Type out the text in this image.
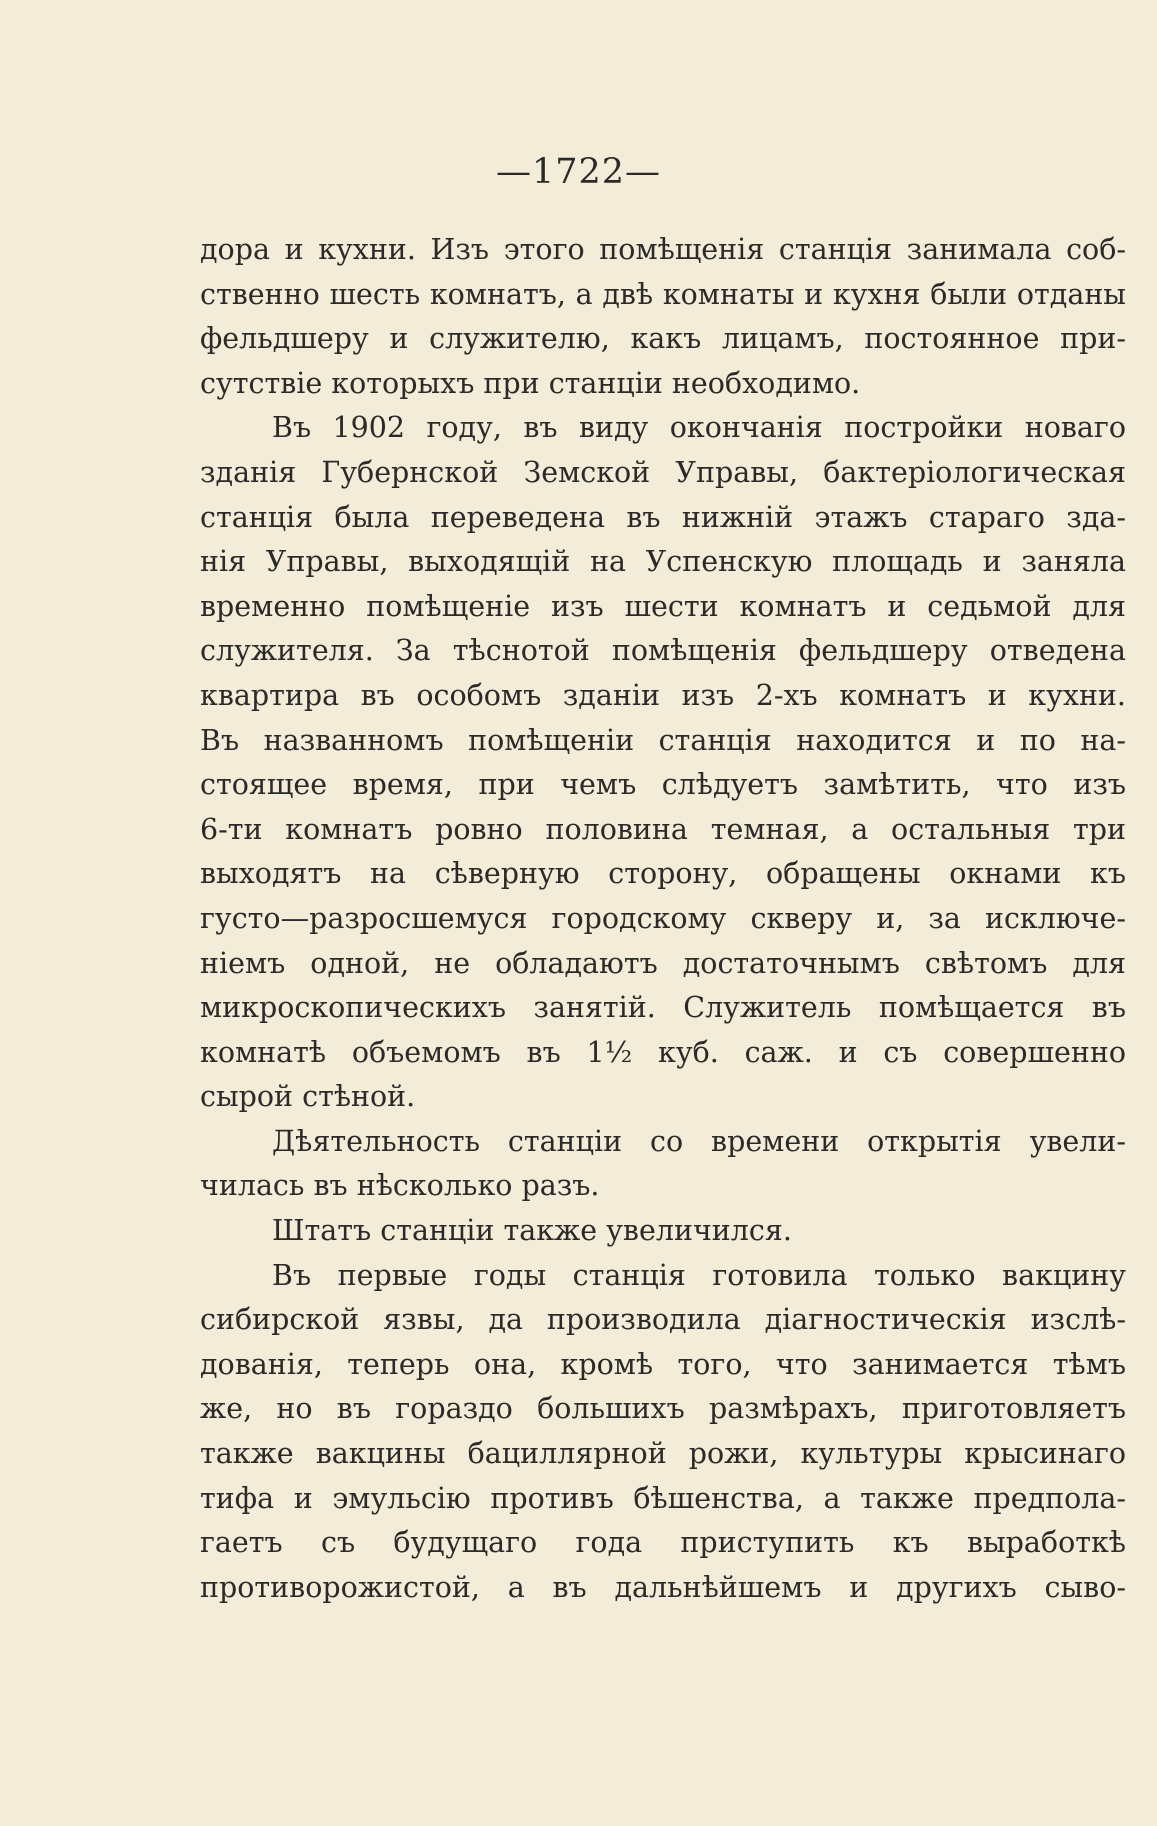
—1722—
дора и кухни. Изъ этого помѣщенія станція занимала соб-
ственно шесть комнатъ, а двѣ комнаты и кухня были отданы
фельдшеру и служителю, какъ лицамъ, постоянное при-
сутствіе которыхъ при станціи необходимо.
Въ 1902 году, въ виду окончанія постройки новаго
зданія Губернской Земской Управы, бактеріологическая
станція была переведена въ нижній этажъ стараго зда-
нія Управы, выходящій на Успенскую площадь и заняла
временно помѣщеніе изъ шести комнатъ и седьмой для
служителя. За тѣснотой помѣщенія фельдшеру отведена
квартира въ особомъ зданіи изъ 2-хъ комнатъ и кухни.
Въ названномъ помѣщеніи станція находится и по на-
стоящее время, при чемъ слѣдуетъ замѣтить, что изъ
6-ти комнатъ ровно половина темная, а остальныя три
выходятъ на сѣверную сторону, обращены окнами къ
густо—разросшемуся городскому скверу и, за исключе-
ніемъ одной, не обладаютъ достаточнымъ свѣтомъ для
микроскопическихъ занятій. Служитель помѣщается въ
комнатѣ объемомъ въ 1½ куб. саж. и съ совершенно
сырой стѣной.
Дѣятельность станціи со времени открытія увели-
чилась въ нѣсколько разъ.
Штатъ станціи также увеличился.
Въ первые годы станція готовила только вакцину
сибирской язвы, да производила діагностическія изслѣ-
дованія, теперь она, кромѣ того, что занимается тѣмъ
же, но въ гораздо большихъ размѣрахъ, приготовляетъ
также вакцины бациллярной рожи, культуры крысинаго
тифа и эмульсію противъ бѣшенства, а также предпола-
гаетъ съ будущаго года приступить къ выработкѣ
противорожистой, а въ дальнѣйшемъ и другихъ сыво-
